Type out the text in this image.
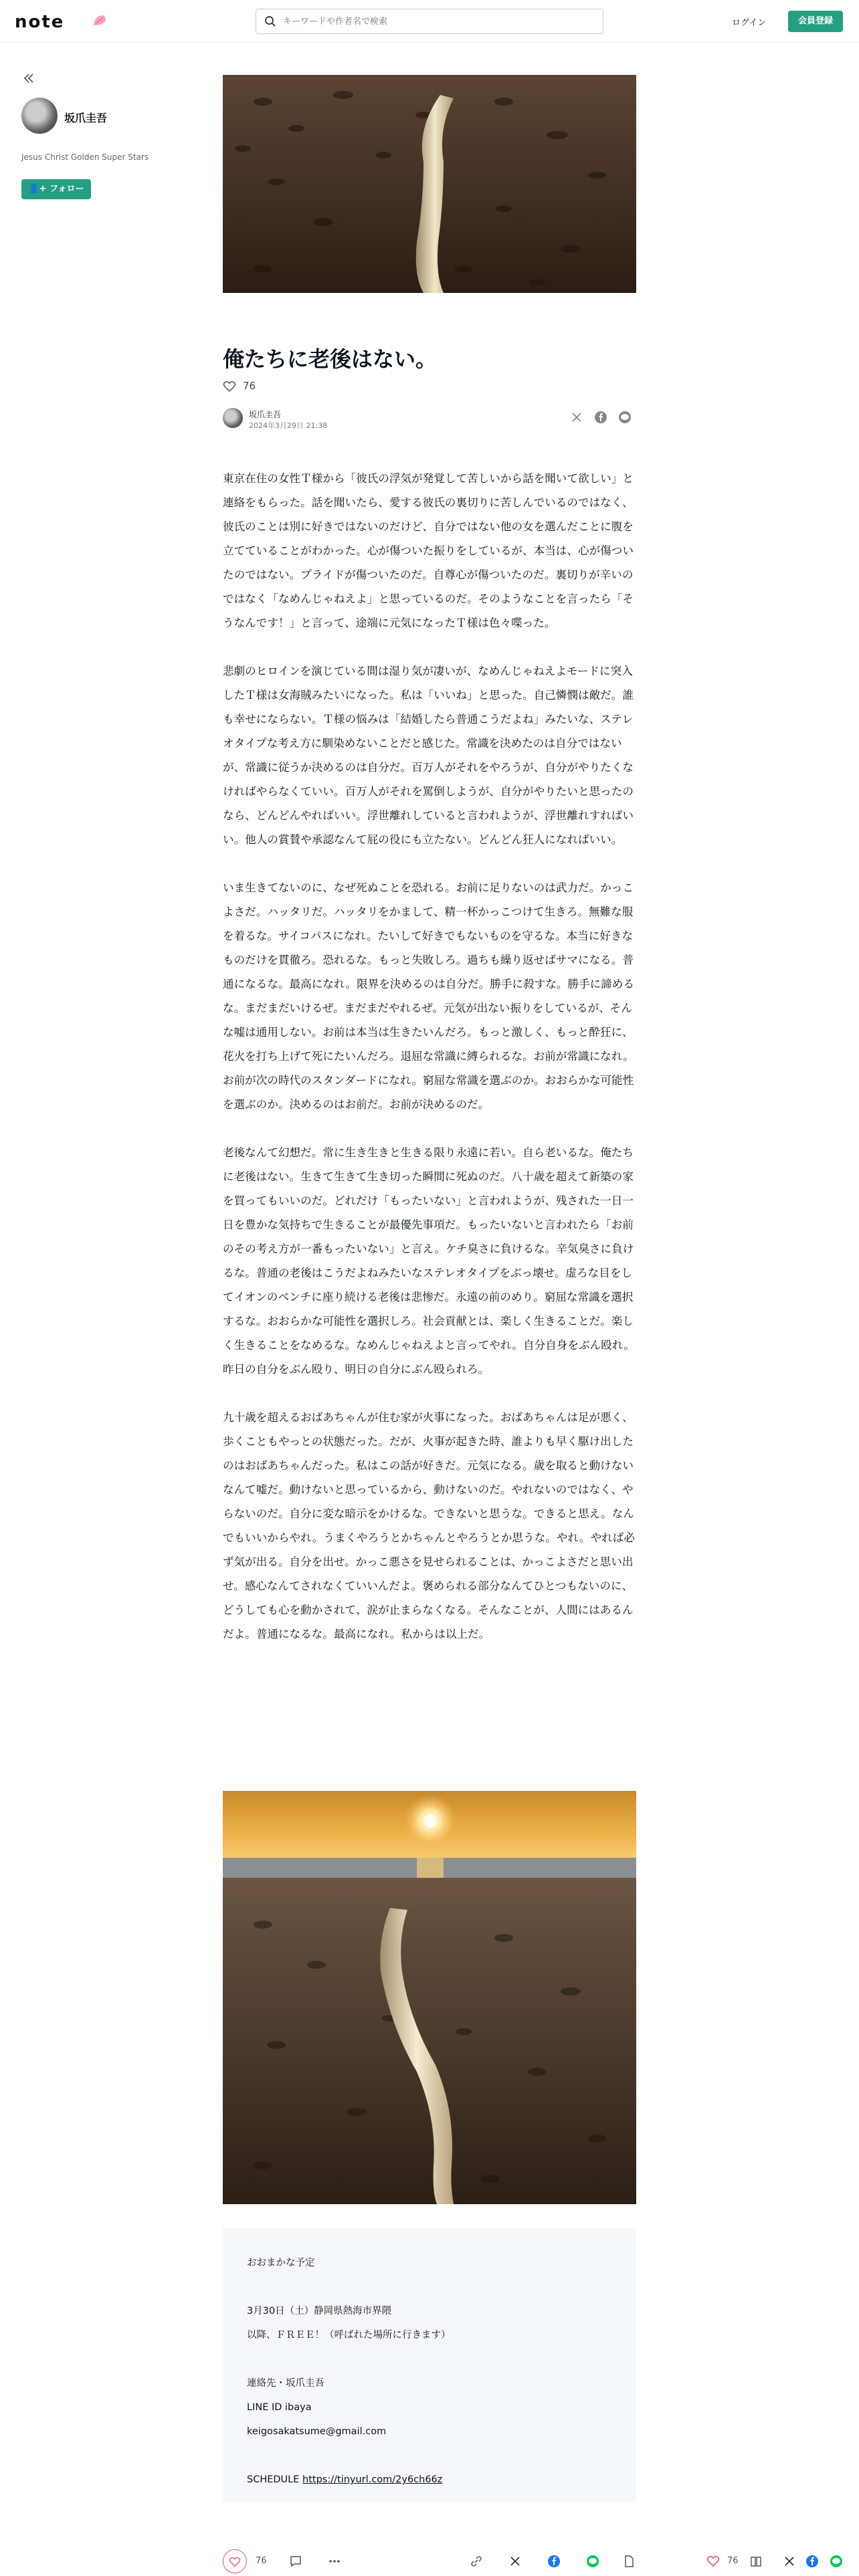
note
キーワードや作者名で検索	ログイン	会員登録
坂爪圭吾
Jesus Christ Golden Super Stars
👤+ フォロー
俺たちに老後はない。
76
坂爪圭吾
2024年3月29日 21:38

東京在住の女性Ｔ様から「彼氏の浮気が発覚して苦しいから話を聞いて欲しい」と連絡をもらった。話を聞いたら、愛する彼氏の裏切りに苦しんでいるのではなく、彼氏のことは別に好きではないのだけど、自分ではない他の女を選んだことに腹を立てていることがわかった。心が傷ついた振りをしているが、本当は、心が傷ついたのではない。プライドが傷ついたのだ。自尊心が傷ついたのだ。裏切りが辛いのではなく「なめんじゃねえよ」と思っているのだ。そのようなことを言ったら「そうなんです！」と言って、途端に元気になったＴ様は色々喋った。

悲劇のヒロインを演じている間は湿り気が凄いが、なめんじゃねえよモードに突入したＴ様は女海賊みたいになった。私は「いいね」と思った。自己憐憫は敵だ。誰も幸せにならない。Ｔ様の悩みは「結婚したら普通こうだよね」みたいな、ステレオタイプな考え方に馴染めないことだと感じた。常識を決めたのは自分ではないが、常識に従うか決めるのは自分だ。百万人がそれをやろうが、自分がやりたくなければやらなくていい。百万人がそれを罵倒しようが、自分がやりたいと思ったのなら、どんどんやればいい。浮世離れしていると言われようが、浮世離れすればいい。他人の賞賛や承認なんて屁の役にも立たない。どんどん狂人になればいい。

いま生きてないのに、なぜ死ぬことを恐れる。お前に足りないのは武力だ。かっこよさだ。ハッタリだ。ハッタリをかまして、精一杯かっこつけて生きろ。無難な服を着るな。サイコパスになれ。たいして好きでもないものを守るな。本当に好きなものだけを貫徹ろ。恐れるな。もっと失敗しろ。過ちも繰り返せばサマになる。普通になるな。最高になれ。限界を決めるのは自分だ。勝手に殺すな。勝手に諦めるな。まだまだいけるぜ。まだまだやれるぜ。元気が出ない振りをしているが、そんな嘘は通用しない。お前は本当は生きたいんだろ。もっと激しく、もっと酔狂に、花火を打ち上げて死にたいんだろ。退屈な常識に縛られるな。お前が常識になれ。お前が次の時代のスタンダードになれ。窮屈な常識を選ぶのか。おおらかな可能性を選ぶのか。決めるのはお前だ。お前が決めるのだ。

老後なんて幻想だ。常に生き生きと生きる限り永遠に若い。自ら老いるな。俺たちに老後はない。生きて生きて生き切った瞬間に死ぬのだ。八十歳を超えて新築の家を買ってもいいのだ。どれだけ「もったいない」と言われようが、残された一日一日を豊かな気持ちで生きることが最優先事項だ。もったいないと言われたら「お前のその考え方が一番もったいない」と言え。ケチ臭さに負けるな。辛気臭さに負けるな。普通の老後はこうだよねみたいなステレオタイプをぶっ壊せ。虚ろな目をしてイオンのベンチに座り続ける老後は悲惨だ。永遠の前のめり。窮屈な常識を選択するな。おおらかな可能性を選択しろ。社会貢献とは、楽しく生きることだ。楽しく生きることをなめるな。なめんじゃねえよと言ってやれ。自分自身をぶん殴れ。昨日の自分をぶん殴り、明日の自分にぶん殴られろ。

九十歳を超えるおばあちゃんが住む家が火事になった。おばあちゃんは足が悪く、歩くこともやっとの状態だった。だが、火事が起きた時、誰よりも早く駆け出したのはおばあちゃんだった。私はこの話が好きだ。元気になる。歳を取ると動けないなんて嘘だ。動けないと思っているから、動けないのだ。やれないのではなく、やらないのだ。自分に変な暗示をかけるな。できないと思うな。できると思え。なんでもいいからやれ。うまくやろうとかちゃんとやろうとか思うな。やれ。やれば必ず気が出る。自分を出せ。かっこ悪さを見せられることは、かっこよさだと思い出せ。感心なんてされなくていいんだよ。褒められる部分なんてひとつもないのに、どうしても心を動かされて、涙が止まらなくなる。そんなことが、人間にはあるんだよ。普通になるな。最高になれ。私からは以上だ。

おおまかな予定
3月30日（土）静岡県熱海市界隈
以降、ＦＲＥＥ！（呼ばれた場所に行きます）
連絡先・坂爪圭吾
LINE ID ibaya
keigosakatsume@gmail.com
SCHEDULE https://tinyurl.com/2y6ch66z
76	76
